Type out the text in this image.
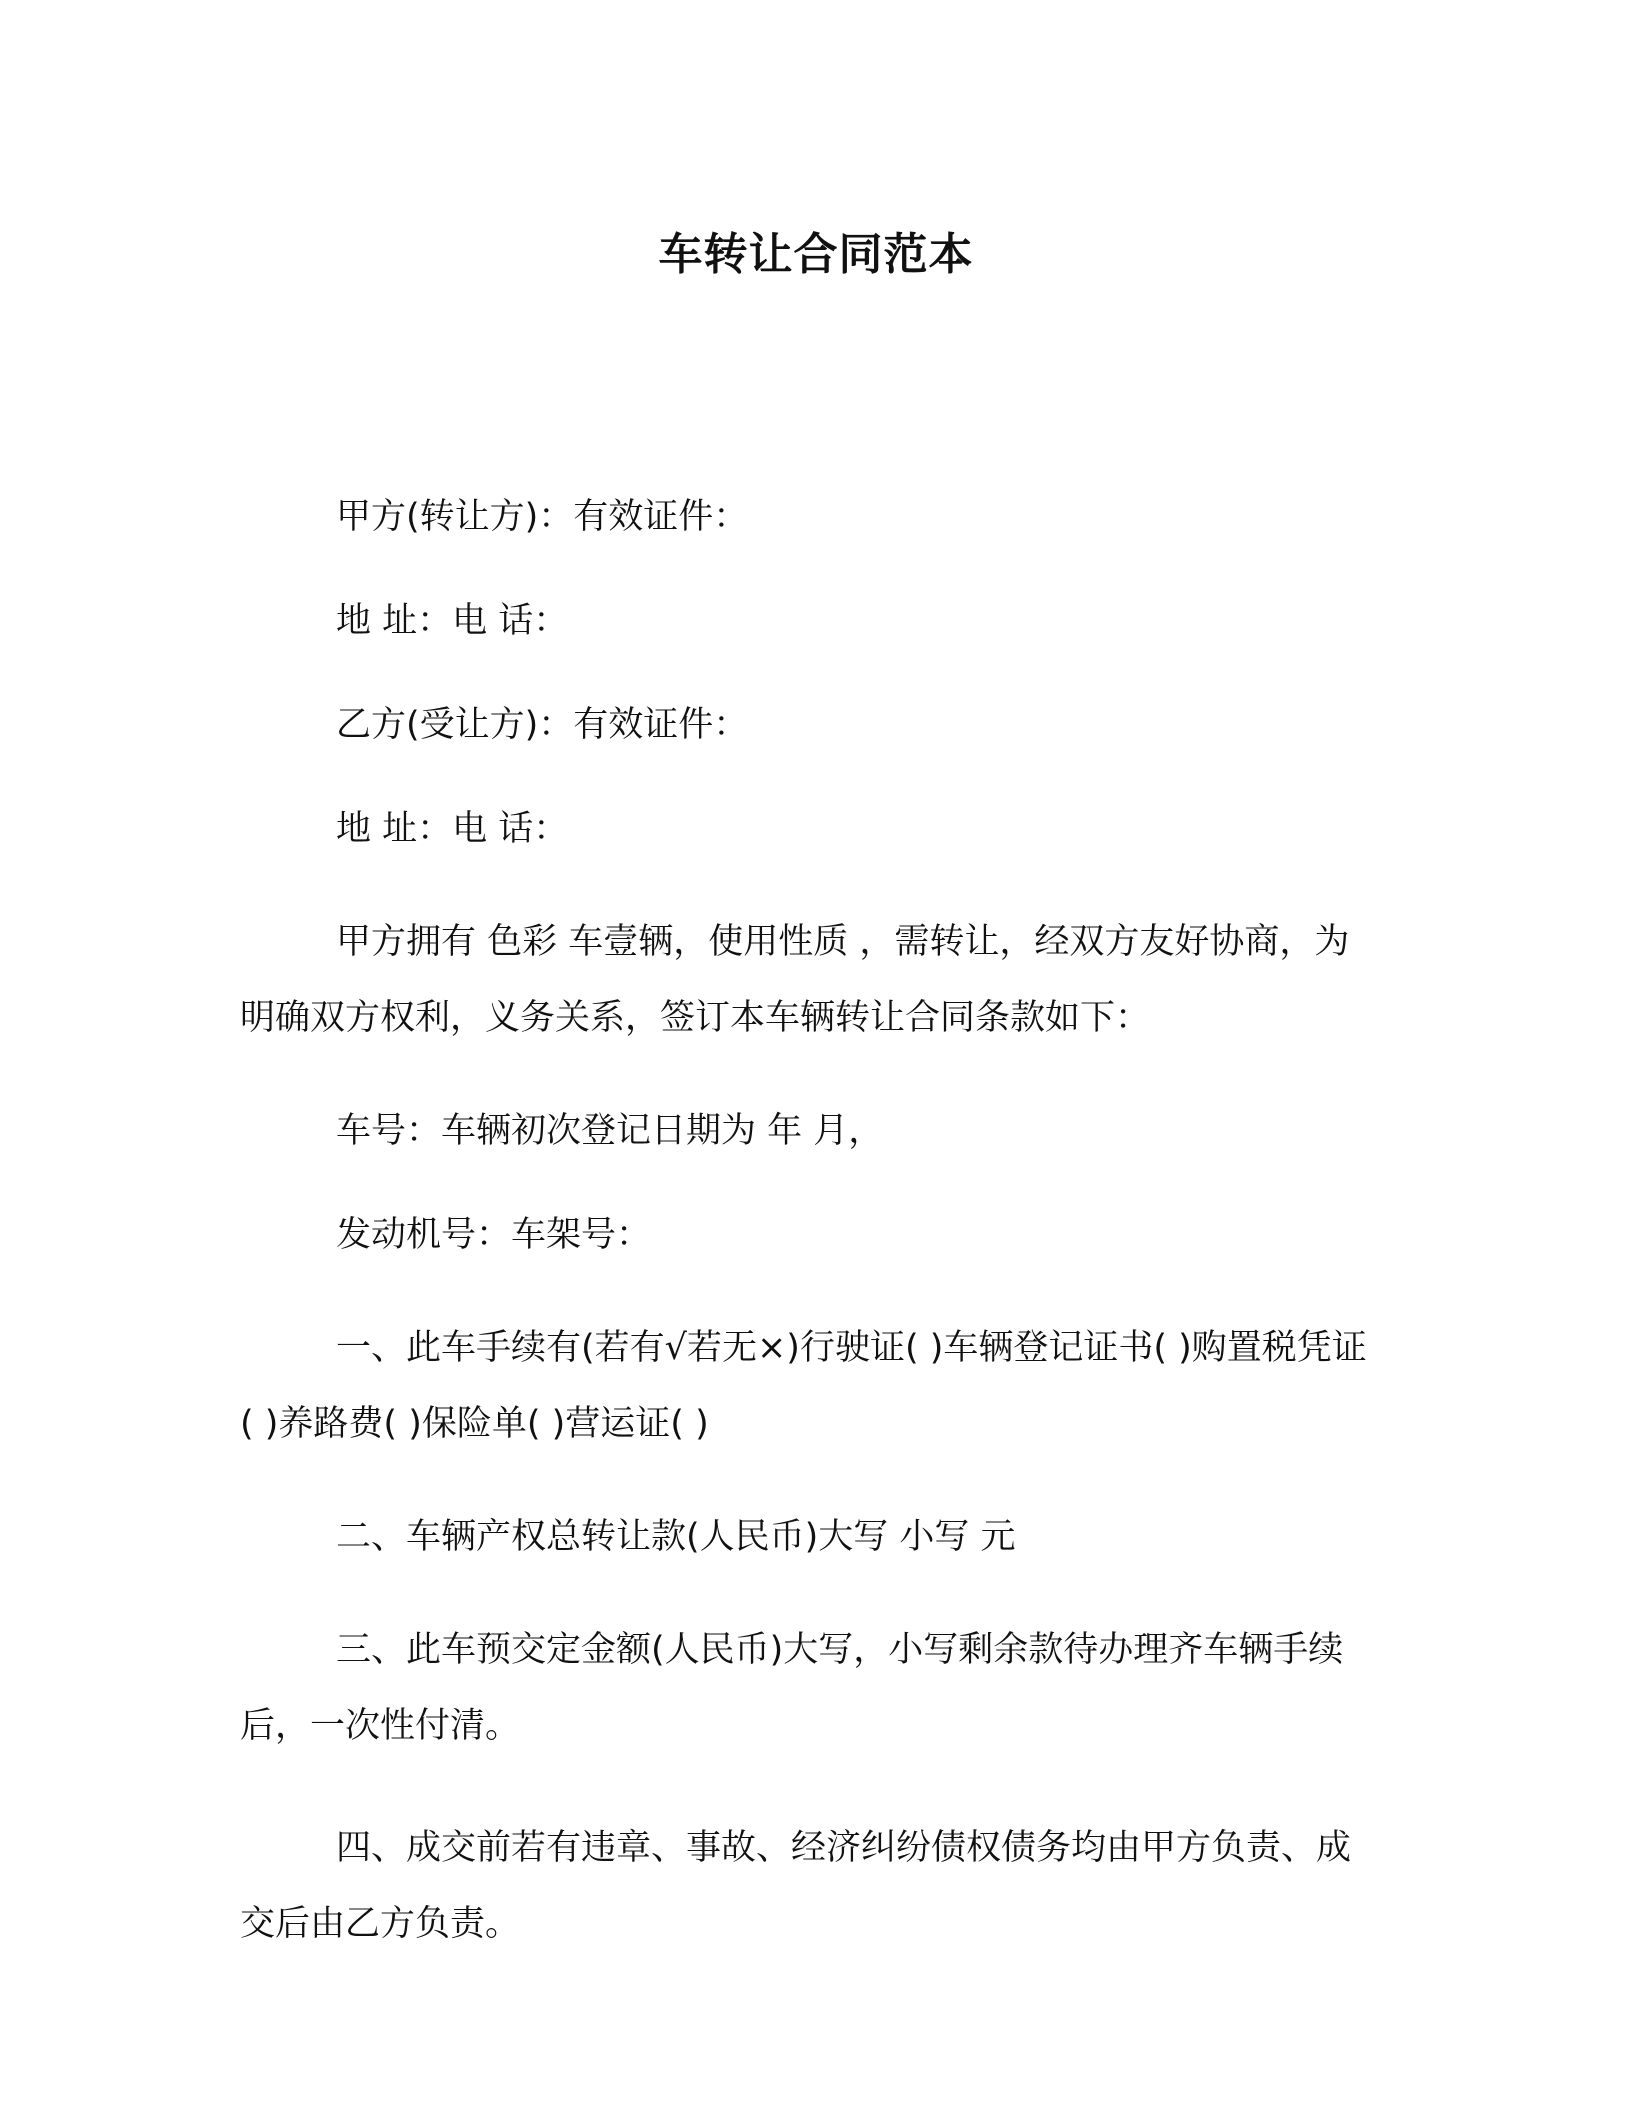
车转让合同范本

甲方(转让方)：有效证件：

地 址：电 话：

乙方(受让方)：有效证件：

地 址：电 话：

甲方拥有 色彩 车壹辆，使用性质 ，需转让，经双方友好协商，为明确双方权利，义务关系，签订本车辆转让合同条款如下：

车号：车辆初次登记日期为 年 月，

发动机号：车架号：

一、此车手续有(若有√若无×)行驶证( )车辆登记证书( )购置税凭证( )养路费( )保险单( )营运证( )

二、车辆产权总转让款(人民币)大写 小写 元

三、此车预交定金额(人民币)大写，小写剩余款待办理齐车辆手续后，一次性付清。

四、成交前若有违章、事故、经济纠纷债权债务均由甲方负责、成交后由乙方负责。
